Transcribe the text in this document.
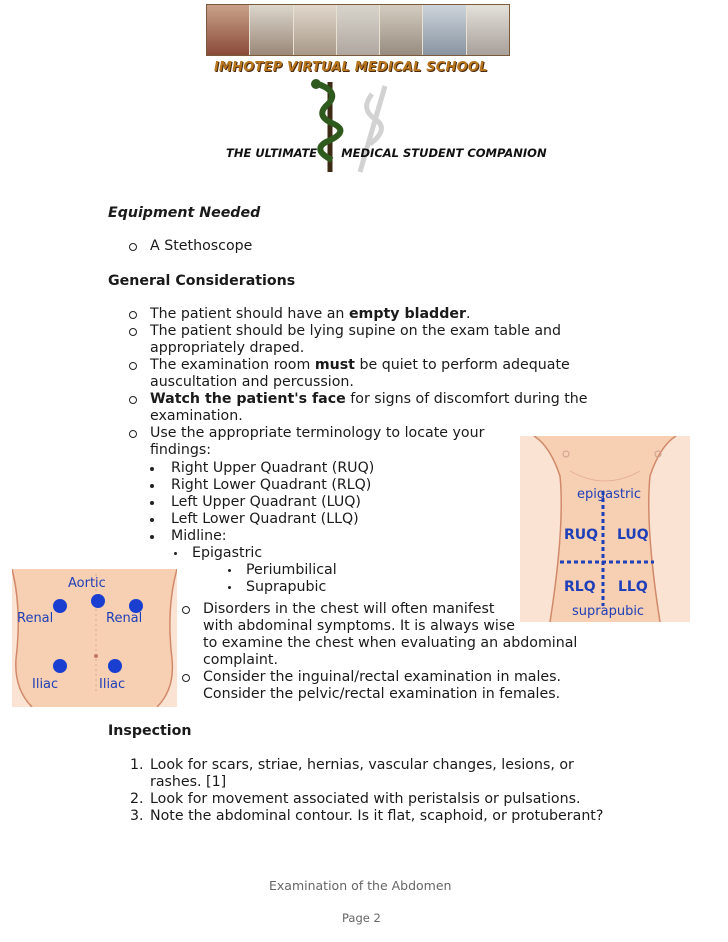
IMHOTEP VIRTUAL MEDICAL SCHOOL
THE ULTIMATE MEDICAL STUDENT COMPANION
Equipment Needed
A Stethoscope
General Considerations
The patient should have an empty bladder.
The patient should be lying supine on the exam table and
appropriately draped.
The examination room must be quiet to perform adequate
auscultation and percussion.
Watch the patient's face for signs of discomfort during the
examination.
Use the appropriate terminology to locate your
findings:
Right Upper Quadrant (RUQ)
Right Lower Quadrant (RLQ)
Left Upper Quadrant (LUQ)
Left Lower Quadrant (LLQ)
Midline:
Epigastric
Periumbilical
Suprapubic
Disorders in the chest will often manifest
with abdominal symptoms. It is always wise
to examine the chest when evaluating an abdominal
complaint.
Consider the inguinal/rectal examination in males.
Consider the pelvic/rectal examination in females.
Aortic
Renal	Renal
Iliac	Iliac
epigastric
RUQ LUQ
RLQ LLQ
suprapubic
Inspection
1. Look for scars, striae, hernias, vascular changes, lesions, or
rashes. [1]
2. Look for movement associated with peristalsis or pulsations.
3. Note the abdominal contour. Is it flat, scaphoid, or protuberant?
Examination of the Abdomen
Page 2
